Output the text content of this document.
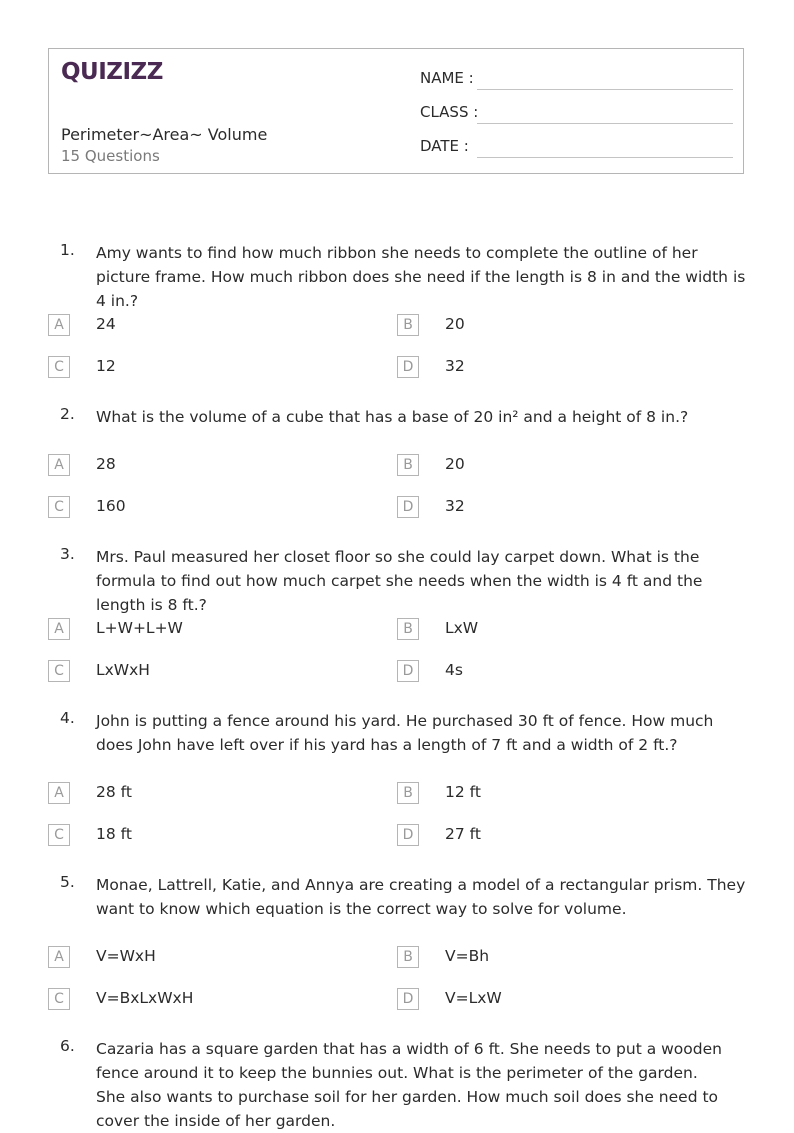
QUIZIZZ
Perimeter~Area~ Volume
15 Questions
NAME :
CLASS :
DATE :
1. Amy wants to find how much ribbon she needs to complete the outline of her picture frame. How much ribbon does she need if the length is 8 in and the width is 4 in.?
A	24	B	20
C	12	D	32
2. What is the volume of a cube that has a base of 20 in² and a height of 8 in.?
A	28	B	20
C	160	D	32
3. Mrs. Paul measured her closet floor so she could lay carpet down. What is the formula to find out how much carpet she needs when the width is 4 ft and the length is 8 ft.?
A	L+W+L+W	B	LxW
C	LxWxH	D	4s
4. John is putting a fence around his yard. He purchased 30 ft of fence. How much does John have left over if his yard has a length of 7 ft and a width of 2 ft.?
A	28 ft	B	12 ft
C	18 ft	D	27 ft
5. Monae, Lattrell, Katie, and Annya are creating a model of a rectangular prism. They want to know which equation is the correct way to solve for volume.
A	V=WxH	B	V=Bh
C	V=BxLxWxH	D	V=LxW
6. Cazaria has a square garden that has a width of 6 ft. She needs to put a wooden fence around it to keep the bunnies out. What is the perimeter of the garden.
She also wants to purchase soil for her garden. How much soil does she need to cover the inside of her garden.
